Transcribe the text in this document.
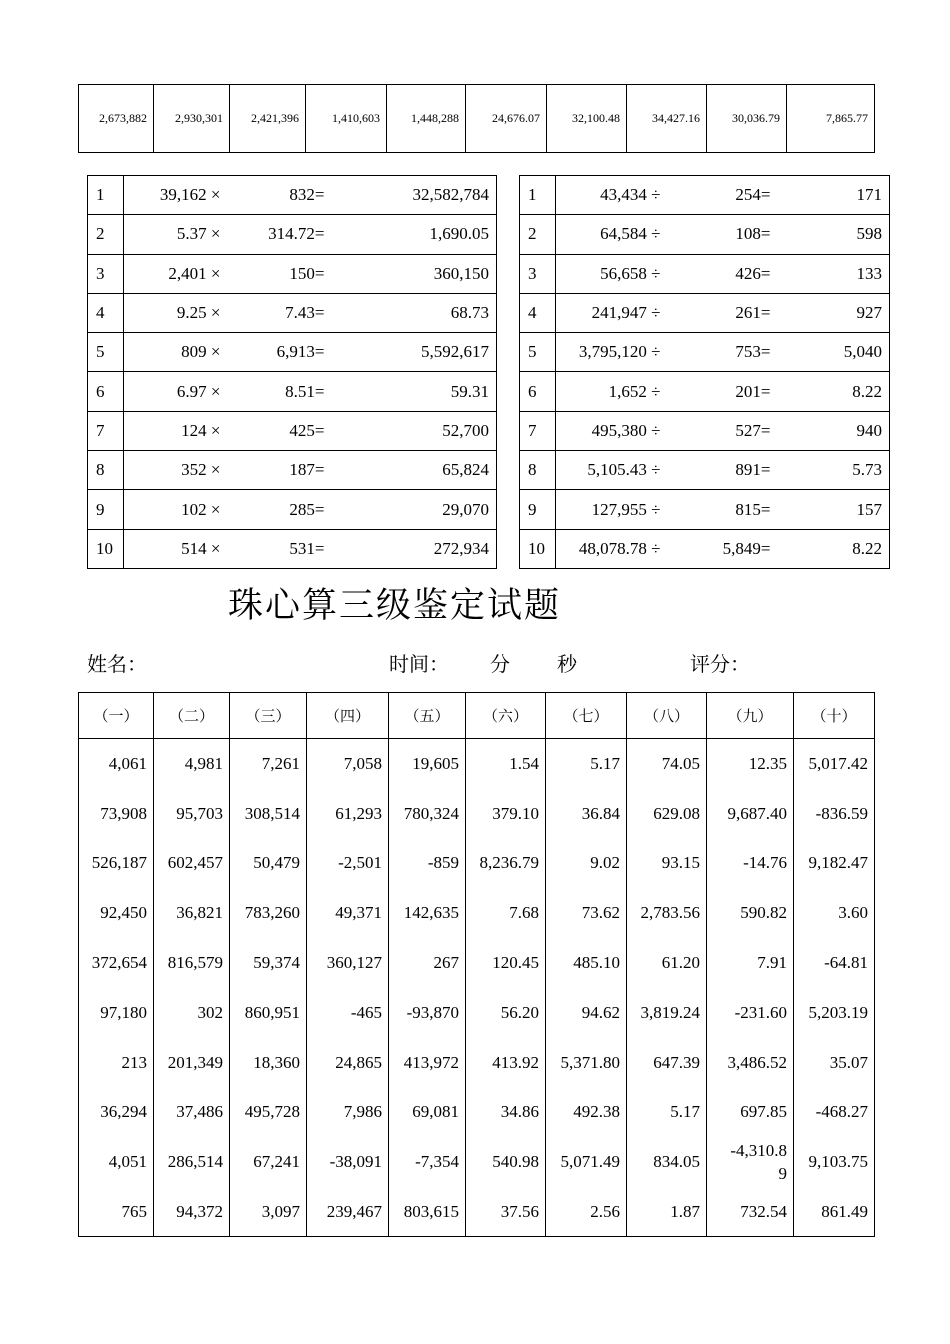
2,673,882	2,930,301	2,421,396	1,410,603	1,448,288	24,676.07	32,100.48	34,427.16	30,036.79	7,865.77
1	39,162 ×	832=	32,582,784
2	5.37 ×	314.72=	1,690.05
3	2,401 ×	150=	360,150
4	9.25 ×	7.43=	68.73
5	809 ×	6,913=	5,592,617
6	6.97 ×	8.51=	59.31
7	124 ×	425=	52,700
8	352 ×	187=	65,824
9	102 ×	285=	29,070
10	514 ×	531=	272,934
1	43,434 ÷	254=	171
2	64,584 ÷	108=	598
3	56,658 ÷	426=	133
4	241,947 ÷	261=	927
5	3,795,120 ÷	753=	5,040
6	1,652 ÷	201=	8.22
7	495,380 ÷	527=	940
8	5,105.43 ÷	891=	5.73
9	127,955 ÷	815=	157
10	48,078.78 ÷	5,849=	8.22
珠心算三级鉴定试题
姓名：	时间： 分 秒	评分：
（一）	（二）	（三）	（四）	（五）	（六）	（七）	（八）	（九）	（十）
4,061	4,981	7,261	7,058	19,605	1.54	5.17	74.05	12.35	5,017.42
73,908	95,703	308,514	61,293	780,324	379.10	36.84	629.08	9,687.40	-836.59
526,187	602,457	50,479	-2,501	-859	8,236.79	9.02	93.15	-14.76	9,182.47
92,450	36,821	783,260	49,371	142,635	7.68	73.62	2,783.56	590.82	3.60
372,654	816,579	59,374	360,127	267	120.45	485.10	61.20	7.91	-64.81
97,180	302	860,951	-465	-93,870	56.20	94.62	3,819.24	-231.60	5,203.19
213	201,349	18,360	24,865	413,972	413.92	5,371.80	647.39	3,486.52	35.07
36,294	37,486	495,728	7,986	69,081	34.86	492.38	5.17	697.85	-468.27
4,051	286,514	67,241	-38,091	-7,354	540.98	5,071.49	834.05	-4,310.89	9,103.75
765	94,372	3,097	239,467	803,615	37.56	2.56	1.87	732.54	861.49
